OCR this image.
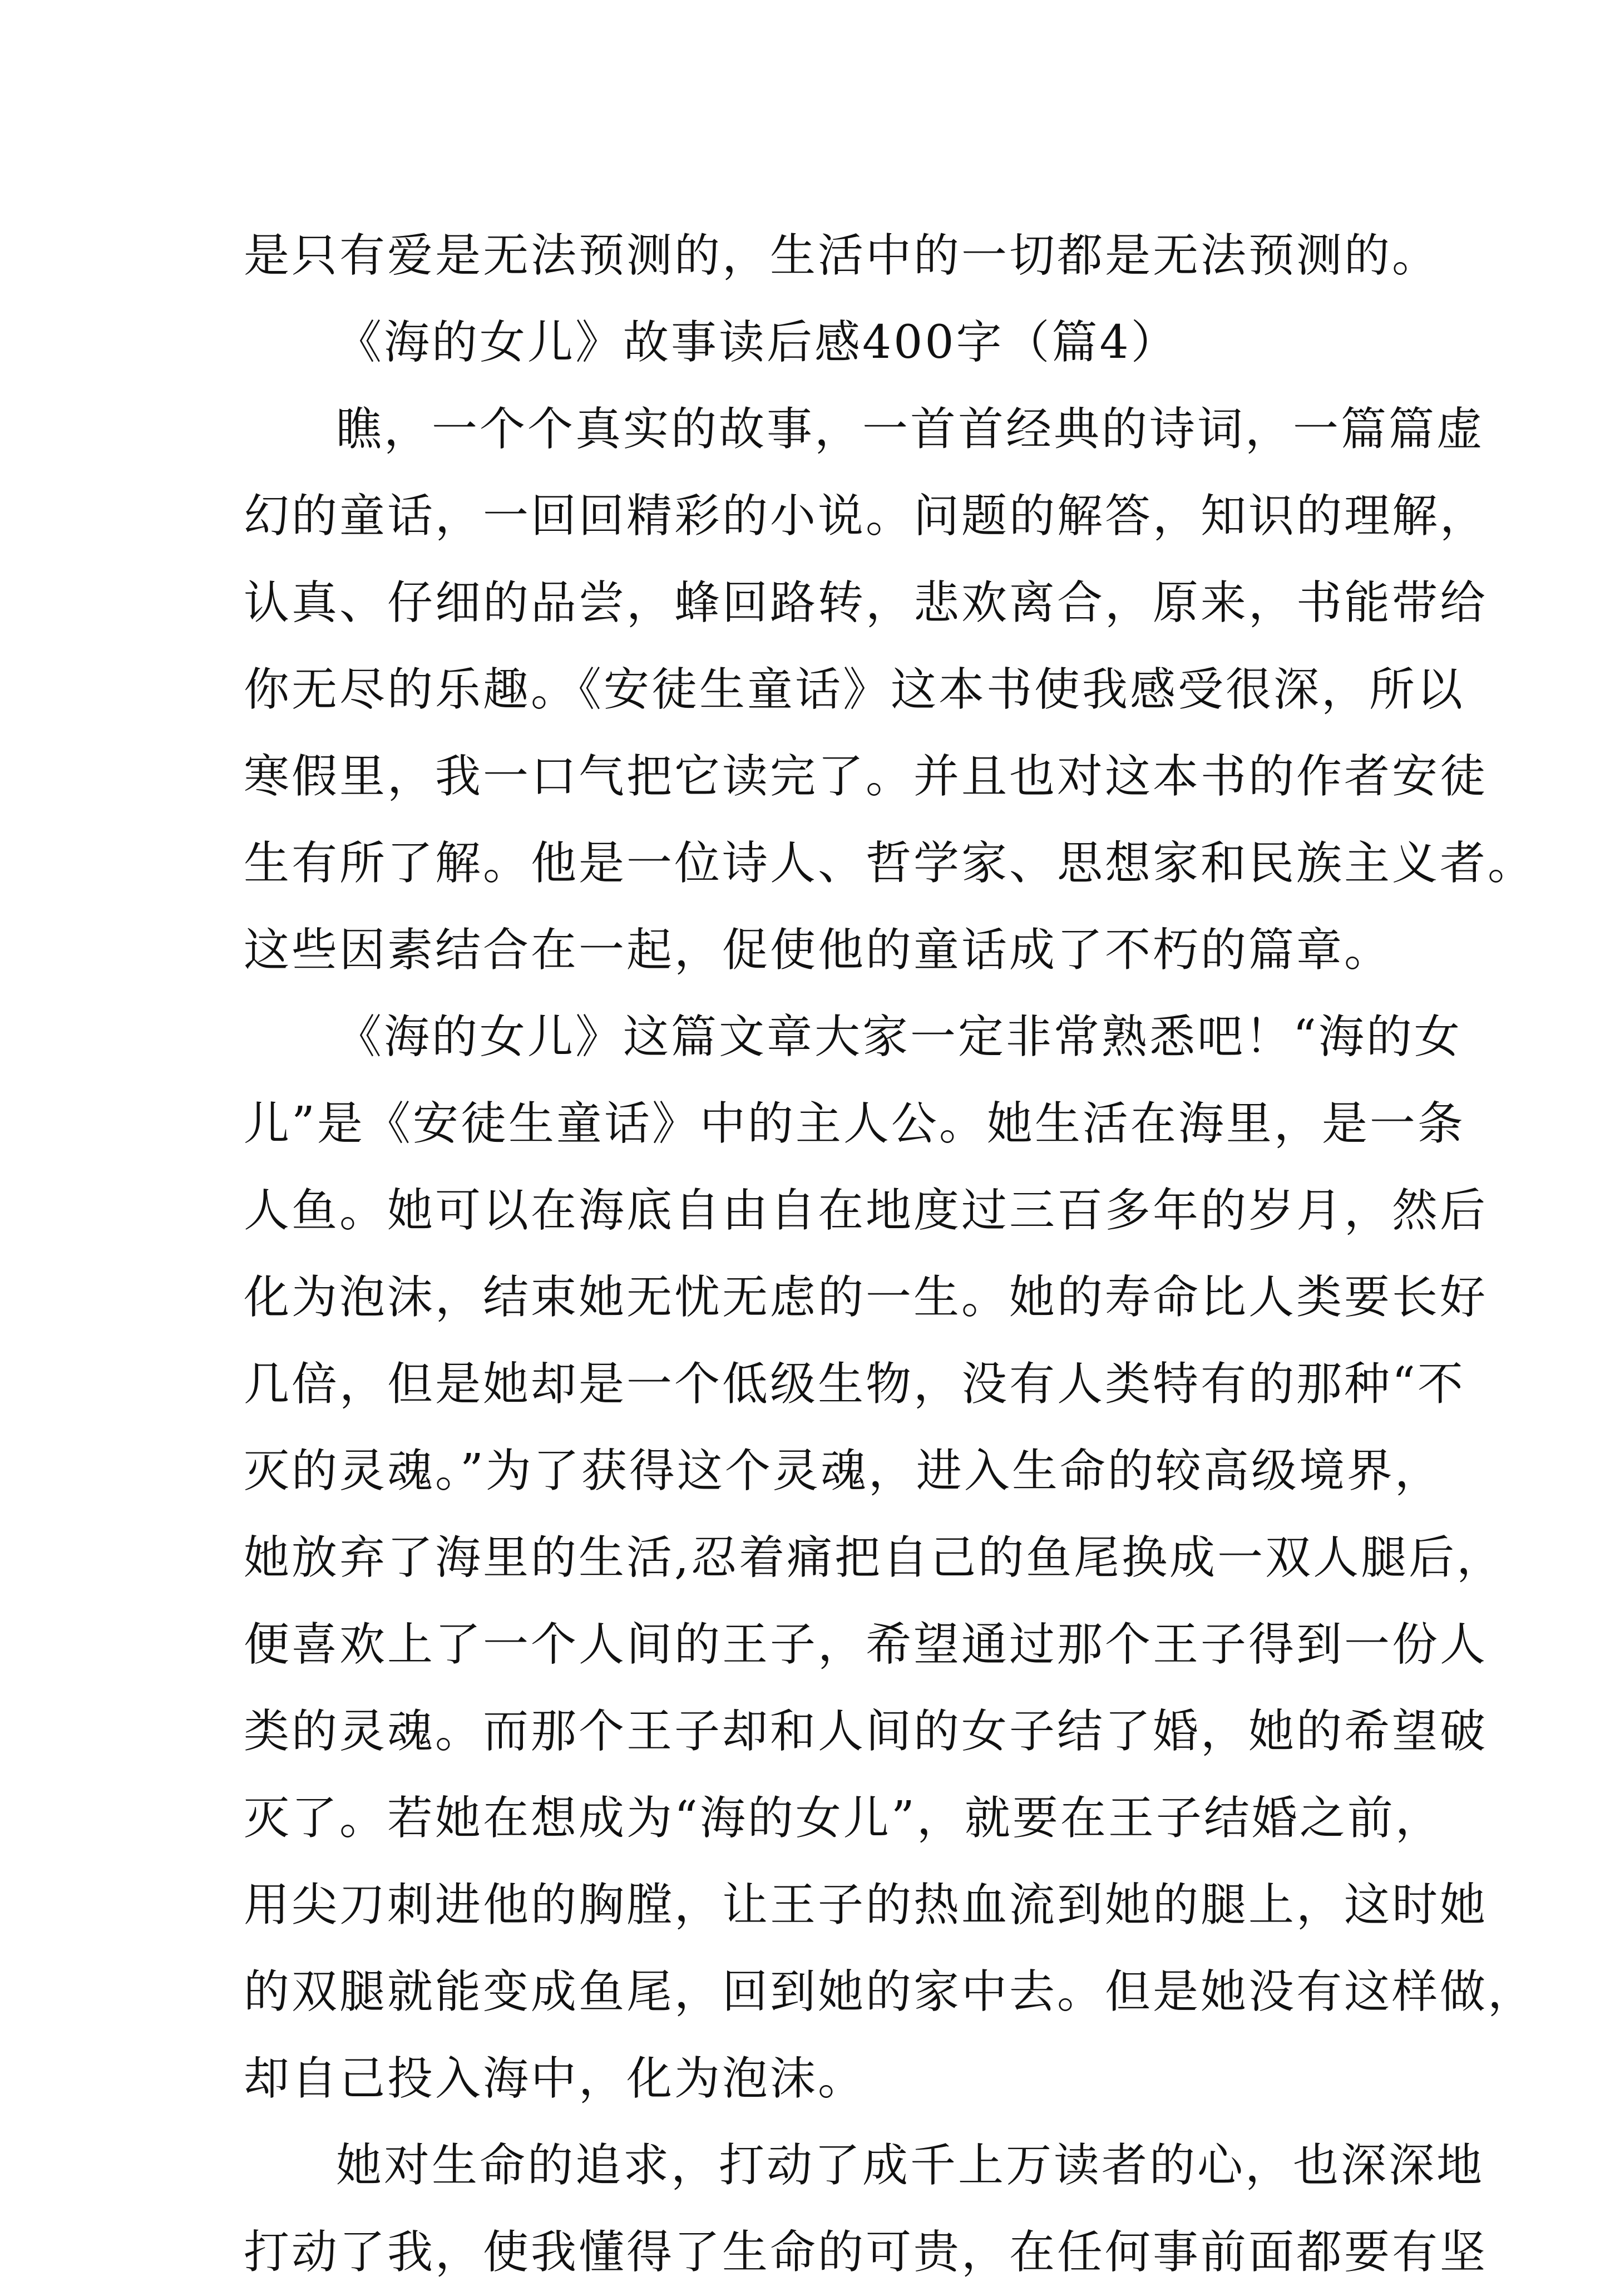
是只有爱是无法预测的，生活中的一切都是无法预测的。
《海的女儿》故事读后感400字（篇4）
瞧，一个个真实的故事，一首首经典的诗词，一篇篇虚
幻的童话，一回回精彩的小说。问题的解答，知识的理解，
认真、仔细的品尝，蜂回路转，悲欢离合，原来，书能带给
你无尽的乐趣。《安徒生童话》这本书使我感受很深，所以
寒假里，我一口气把它读完了。并且也对这本书的作者安徒
生有所了解。他是一位诗人、哲学家、思想家和民族主义者。
这些因素结合在一起，促使他的童话成了不朽的篇章。
《海的女儿》这篇文章大家一定非常熟悉吧！“海的女
儿”是《安徒生童话》中的主人公。她生活在海里，是一条
人鱼。她可以在海底自由自在地度过三百多年的岁月，然后
化为泡沫，结束她无忧无虑的一生。她的寿命比人类要长好
几倍，但是她却是一个低级生物，没有人类特有的那种“不
灭的灵魂。”为了获得这个灵魂，进入生命的较高级境界，
她放弃了海里的生活,忍着痛把自己的鱼尾换成一双人腿后，
便喜欢上了一个人间的王子，希望通过那个王子得到一份人
类的灵魂。而那个王子却和人间的女子结了婚，她的希望破
灭了。若她在想成为“海的女儿”，就要在王子结婚之前，
用尖刀刺进他的胸膛，让王子的热血流到她的腿上，这时她
的双腿就能变成鱼尾，回到她的家中去。但是她没有这样做，
却自己投入海中，化为泡沫。
她对生命的追求，打动了成千上万读者的心，也深深地
打动了我，使我懂得了生命的可贵，在任何事前面都要有坚
